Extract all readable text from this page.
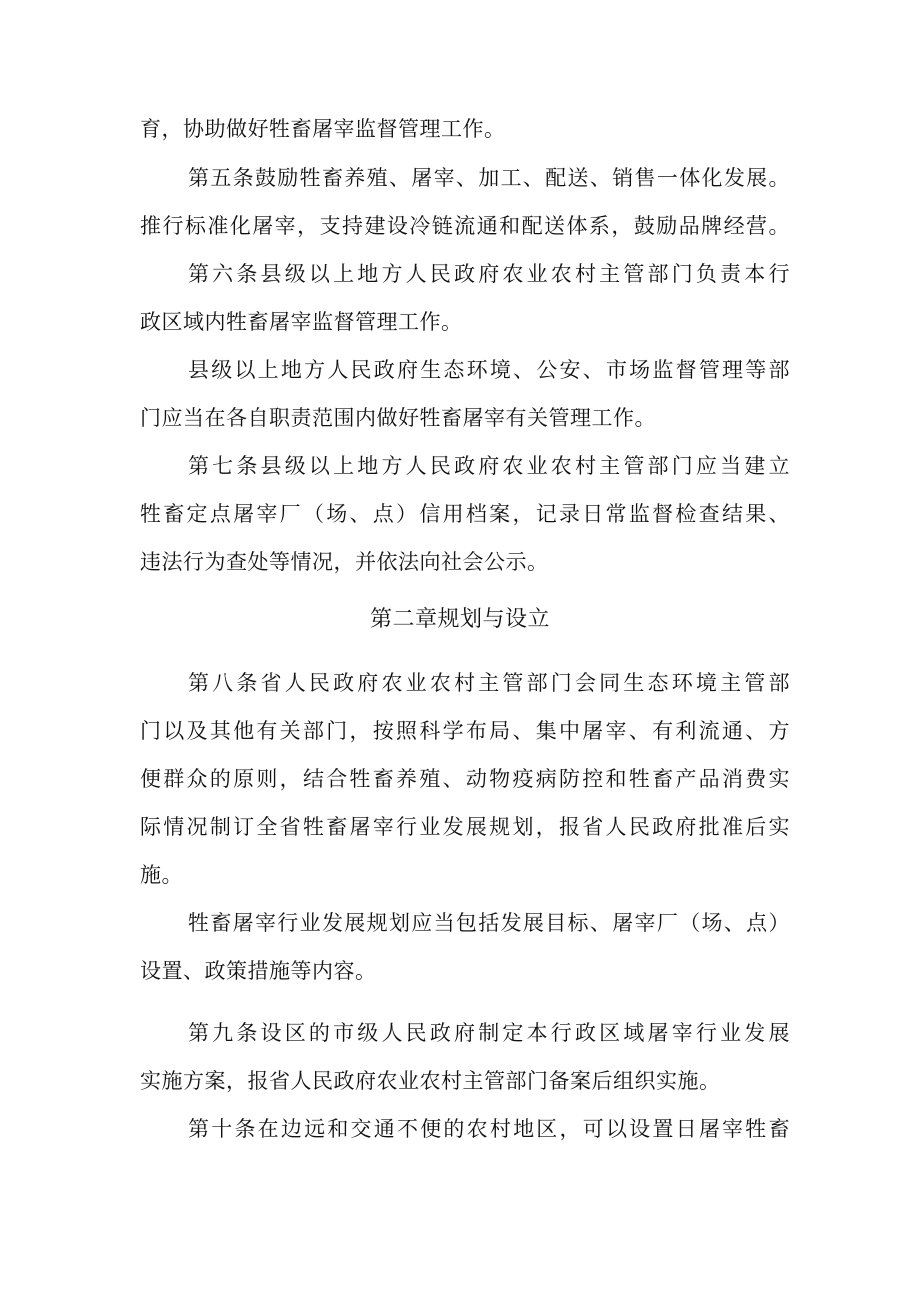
育，协助做好牲畜屠宰监督管理工作。
第五条鼓励牲畜养殖、屠宰、加工、配送、销售一体化发展。
推行标准化屠宰，支持建设冷链流通和配送体系，鼓励品牌经营。
第六条县级以上地方人民政府农业农村主管部门负责本行
政区域内牲畜屠宰监督管理工作。
县级以上地方人民政府生态环境、公安、市场监督管理等部
门应当在各自职责范围内做好牲畜屠宰有关管理工作。
第七条县级以上地方人民政府农业农村主管部门应当建立
牲畜定点屠宰厂（场、点）信用档案，记录日常监督检查结果、
违法行为查处等情况，并依法向社会公示。
第二章规划与设立
第八条省人民政府农业农村主管部门会同生态环境主管部
门以及其他有关部门，按照科学布局、集中屠宰、有利流通、方
便群众的原则，结合牲畜养殖、动物疫病防控和牲畜产品消费实
际情况制订全省牲畜屠宰行业发展规划，报省人民政府批准后实
施。
牲畜屠宰行业发展规划应当包括发展目标、屠宰厂（场、点）
设置、政策措施等内容。
第九条设区的市级人民政府制定本行政区域屠宰行业发展
实施方案，报省人民政府农业农村主管部门备案后组织实施。
第十条在边远和交通不便的农村地区，可以设置日屠宰牲畜
